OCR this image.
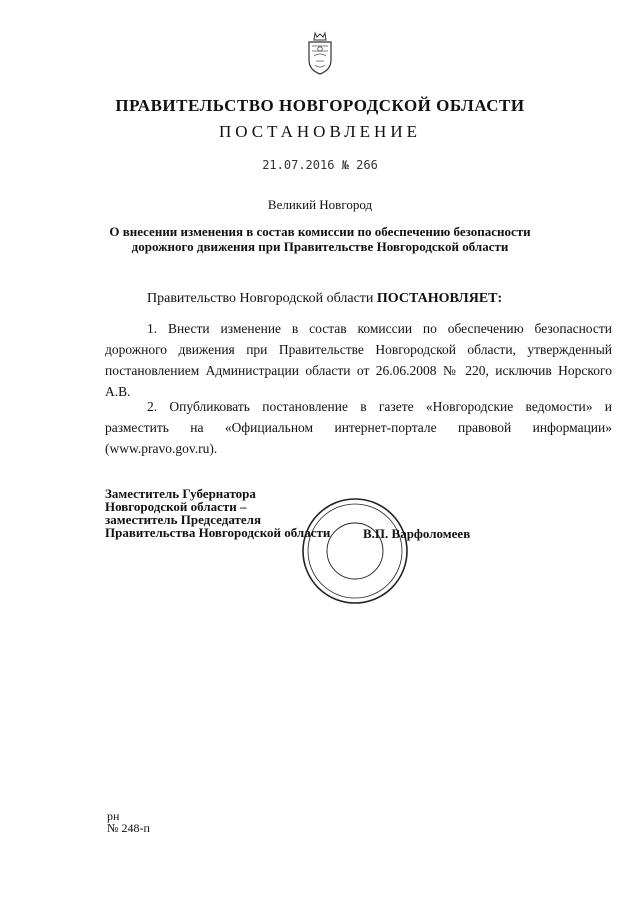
ПРАВИТЕЛЬСТВО НОВГОРОДСКОЙ ОБЛАСТИ
ПОСТАНОВЛЕНИЕ
21.07.2016 № 266
Великий Новгород
О внесении изменения в состав комиссии по обеспечению безопасности
дорожного движения при Правительстве Новгородской области
Правительство Новгородской области ПОСТАНОВЛЯЕТ:
1. Внести изменение в состав комиссии по обеспечению безопасности дорожного движения при Правительстве Новгородской области, утвержденный постановлением Администрации области от 26.06.2008 № 220, исключив Норского А.В.
2. Опубликовать постановление в газете «Новгородские ведомости» и разместить на «Официальном интернет-портале правовой информации» (www.pravo.gov.ru).
Заместитель Губернатора
Новгородской области –
заместитель Председателя
Правительства Новгородской области	В.П. Варфоломеев
рн
№ 248-п
